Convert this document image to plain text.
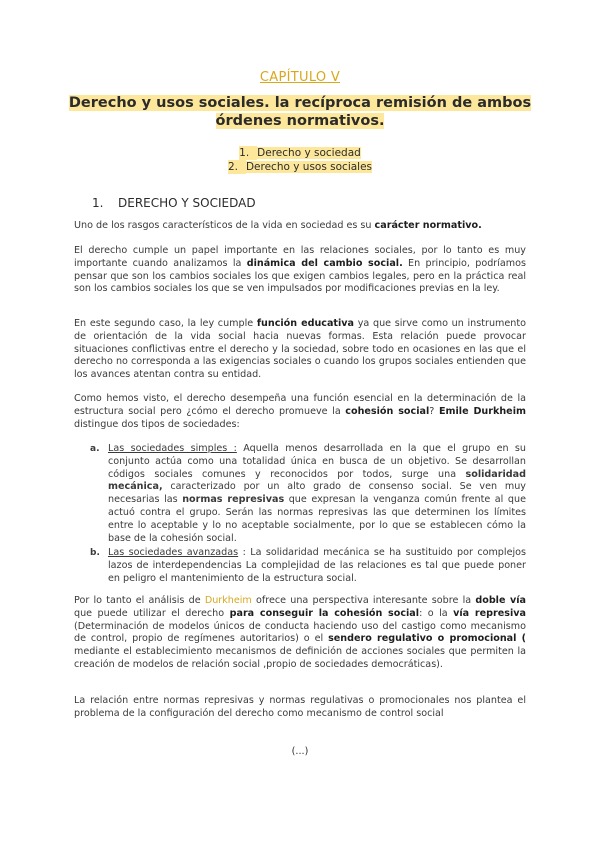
CAPÍTULO V
Derecho y usos sociales. la recíproca remisión de ambos órdenes normativos.
1. Derecho y sociedad
2. Derecho y usos sociales
1. DERECHO Y SOCIEDAD
Uno de los rasgos característicos de la vida en sociedad es su carácter normativo.
El derecho cumple un papel importante en las relaciones sociales, por lo tanto es muy importante cuando analizamos la dinámica del cambio social. En principio, podríamos pensar que son los cambios sociales los que exigen cambios legales, pero en la práctica real son los cambios sociales los que se ven impulsados por modificaciones previas en la ley.
En este segundo caso, la ley cumple función educativa ya que sirve como un instrumento de orientación de la vida social hacia nuevas formas. Esta relación puede provocar situaciones conflictivas entre el derecho y la sociedad, sobre todo en ocasiones en las que el derecho no corresponda a las exigencias sociales o cuando los grupos sociales entienden que los avances atentan contra su entidad.
Como hemos visto, el derecho desempeña una función esencial en la determinación de la estructura social pero ¿cómo el derecho promueve la cohesión social? Emile Durkheim distingue dos tipos de sociedades:
a. Las sociedades simples : Aquella menos desarrollada en la que el grupo en su conjunto actúa como una totalidad única en busca de un objetivo. Se desarrollan códigos sociales comunes y reconocidos por todos, surge una solidaridad mecánica, caracterizado por un alto grado de consenso social. Se ven muy necesarias las normas represivas que expresan la venganza común frente al que actuó contra el grupo. Serán las normas represivas las que determinen los límites entre lo aceptable y lo no aceptable socialmente, por lo que se establecen cómo la base de la cohesión social.
b. Las sociedades avanzadas : La solidaridad mecánica se ha sustituido por complejos lazos de interdependencias La complejidad de las relaciones es tal que puede poner en peligro el mantenimiento de la estructura social.
Por lo tanto el análisis de Durkheim ofrece una perspectiva interesante sobre la doble vía que puede utilizar el derecho para conseguir la cohesión social: o la vía represiva (Determinación de modelos únicos de conducta haciendo uso del castigo como mecanismo de control, propio de regímenes autoritarios) o el sendero regulativo o promocional ( mediante el establecimiento mecanismos de definición de acciones sociales que permiten la creación de modelos de relación social ,propio de sociedades democráticas).
La relación entre normas represivas y normas regulativas o promocionales nos plantea el problema de la configuración del derecho como mecanismo de control social
(...)
